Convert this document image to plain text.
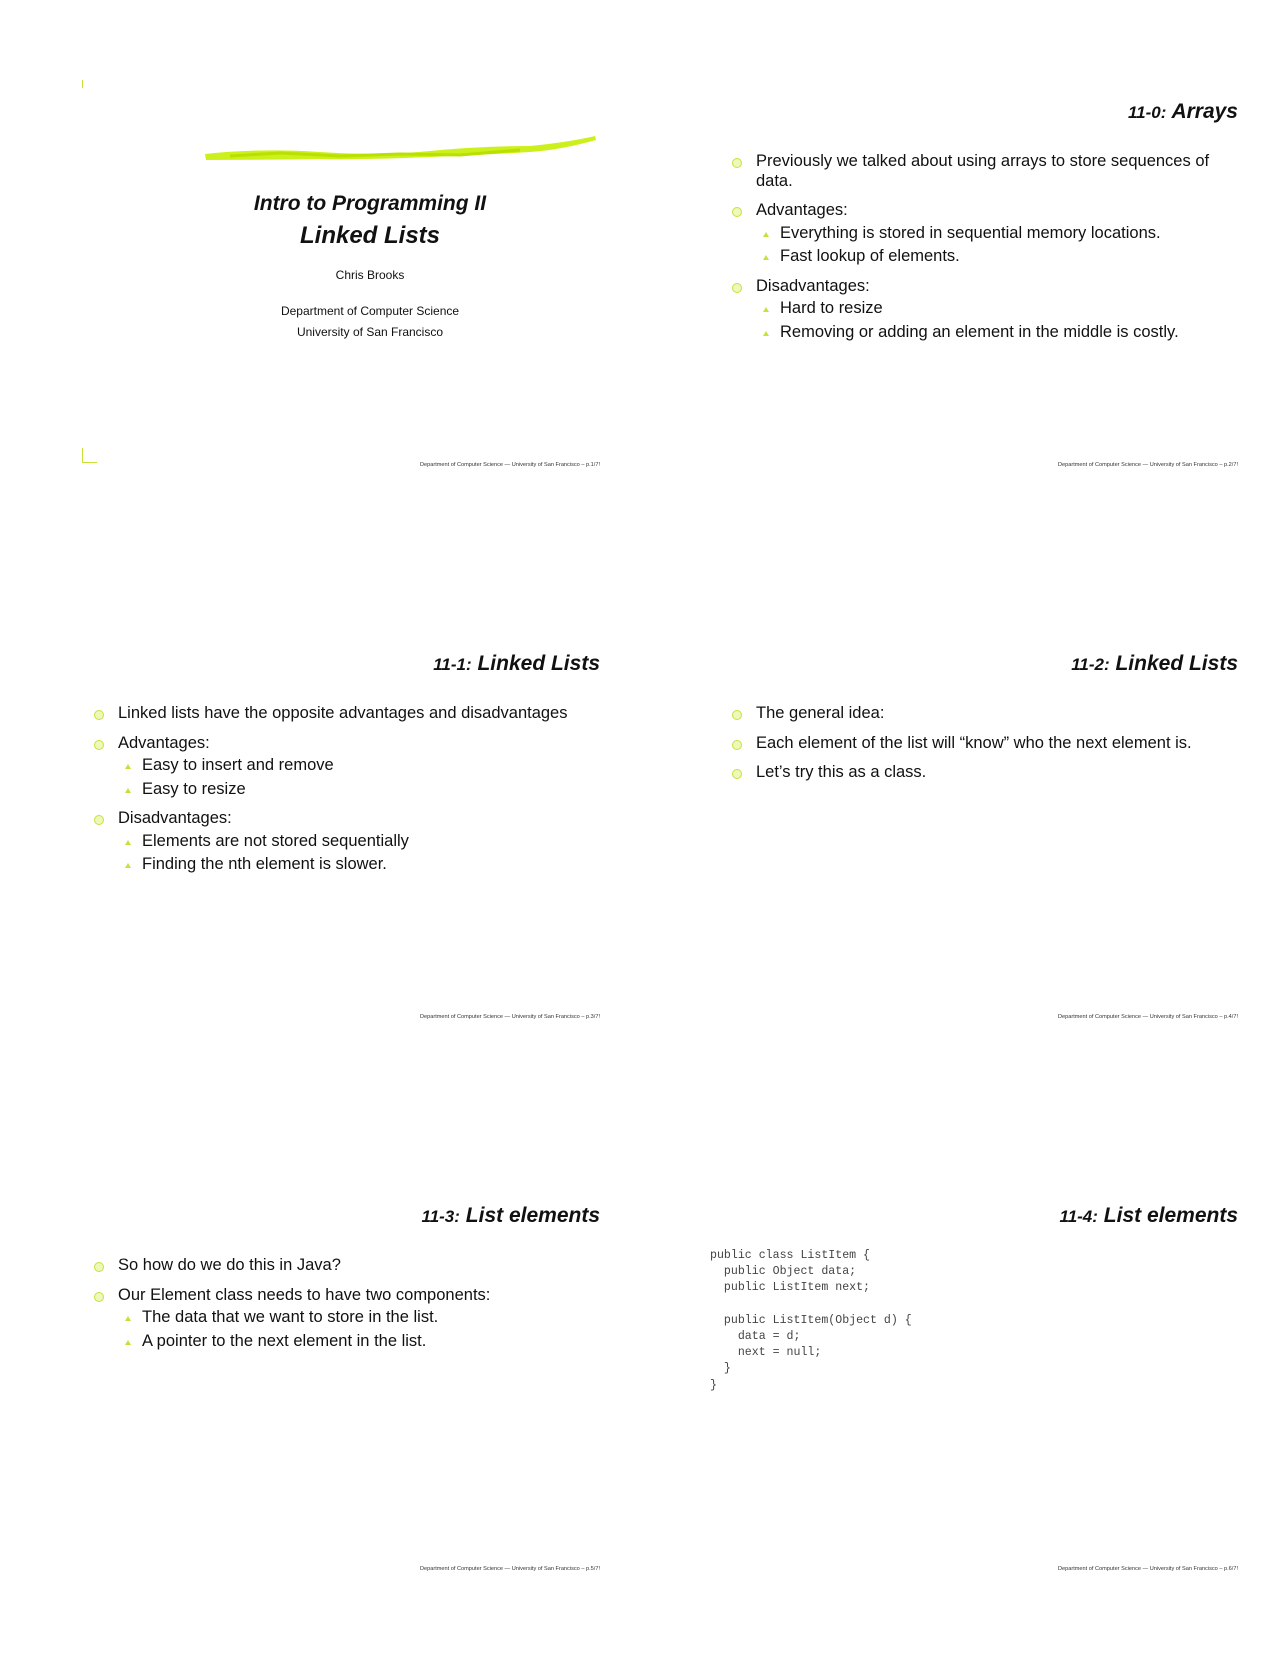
Intro to Programming II
Linked Lists
Chris Brooks
Department of Computer Science
University of San Francisco
Department of Computer Science — University of San Francisco – p.1/7!
11-0: Arrays
Previously we talked about using arrays to store sequences of data.
Advantages:
Everything is stored in sequential memory locations.
Fast lookup of elements.
Disadvantages:
Hard to resize
Removing or adding an element in the middle is costly.
Department of Computer Science — University of San Francisco – p.2/7!
11-1: Linked Lists
Linked lists have the opposite advantages and disadvantages
Advantages:
Easy to insert and remove
Easy to resize
Disadvantages:
Elements are not stored sequentially
Finding the nth element is slower.
Department of Computer Science — University of San Francisco – p.3/7!
11-2: Linked Lists
The general idea:
Each element of the list will “know” who the next element is.
Let’s try this as a class.
Department of Computer Science — University of San Francisco – p.4/7!
11-3: List elements
So how do we do this in Java?
Our Element class needs to have two components:
The data that we want to store in the list.
A pointer to the next element in the list.
Department of Computer Science — University of San Francisco – p.5/7!
11-4: List elements
public class ListItem {
public Object data;
public ListItem next;

public ListItem(Object d) {
data = d;
next = null;
}
}
Department of Computer Science — University of San Francisco – p.6/7!
